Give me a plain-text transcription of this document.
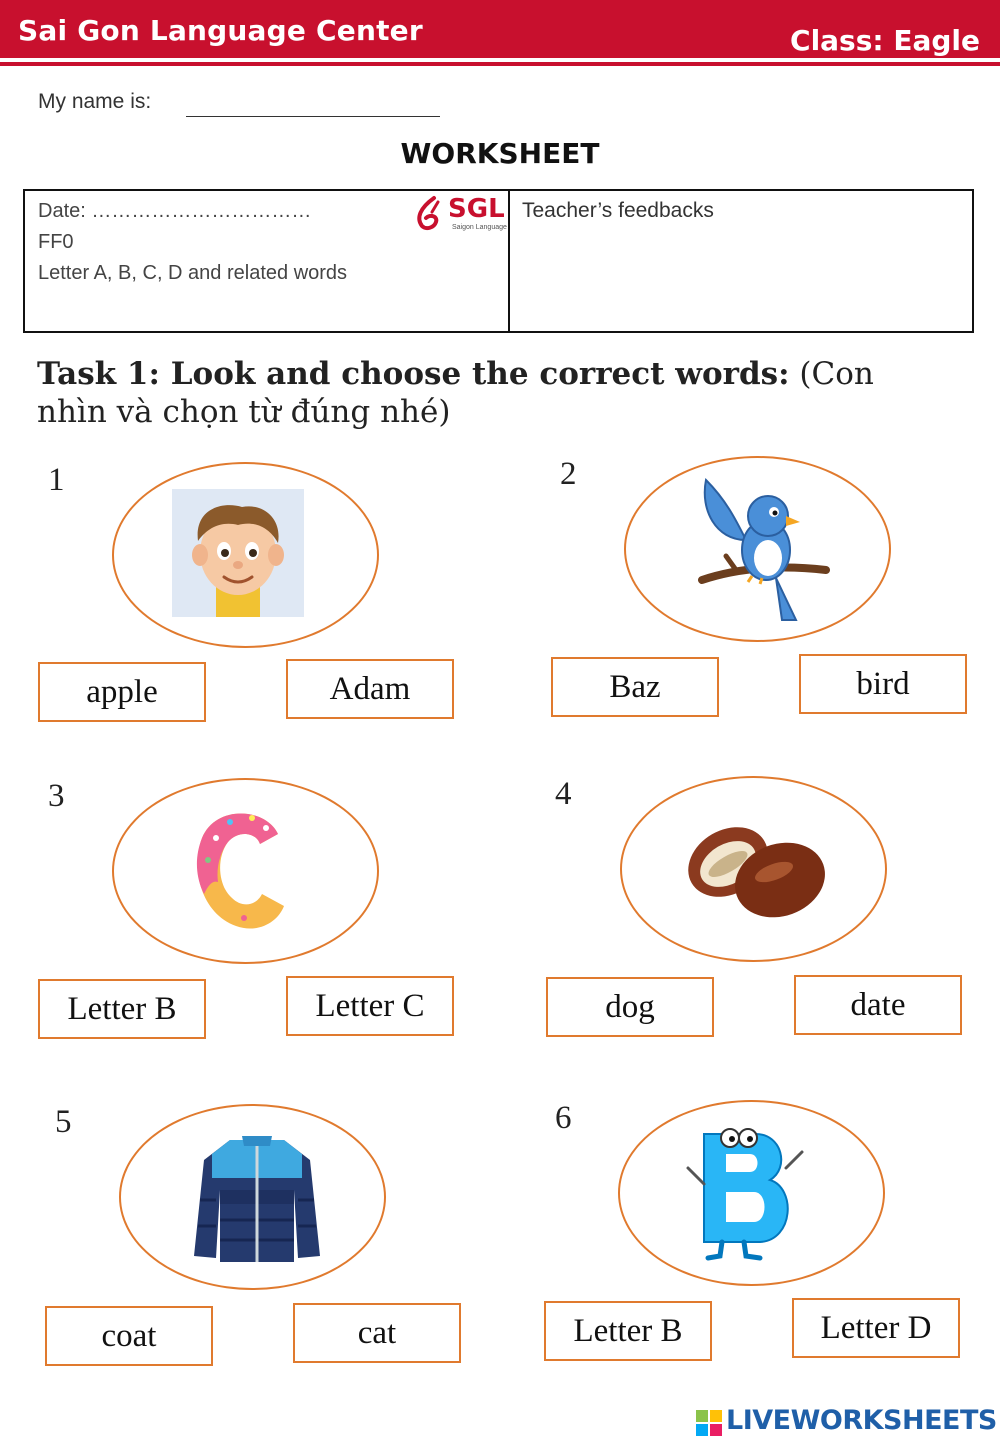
Sai Gon Language Center	Class: Eagle
My name is:
WORKSHEET
Date: ……………………………
FF0
Letter A, B, C, D and related words
SGL
Saigon Language
Teacher’s feedbacks
Task 1: Look and choose the correct words: (Con nhìn và chọn từ đúng nhé)
1
apple	Adam
2
Baz	bird
3
Letter B	Letter C
4
dog	date
5
coat	cat
6
Letter B	Letter D
LIVEWORKSHEETS
